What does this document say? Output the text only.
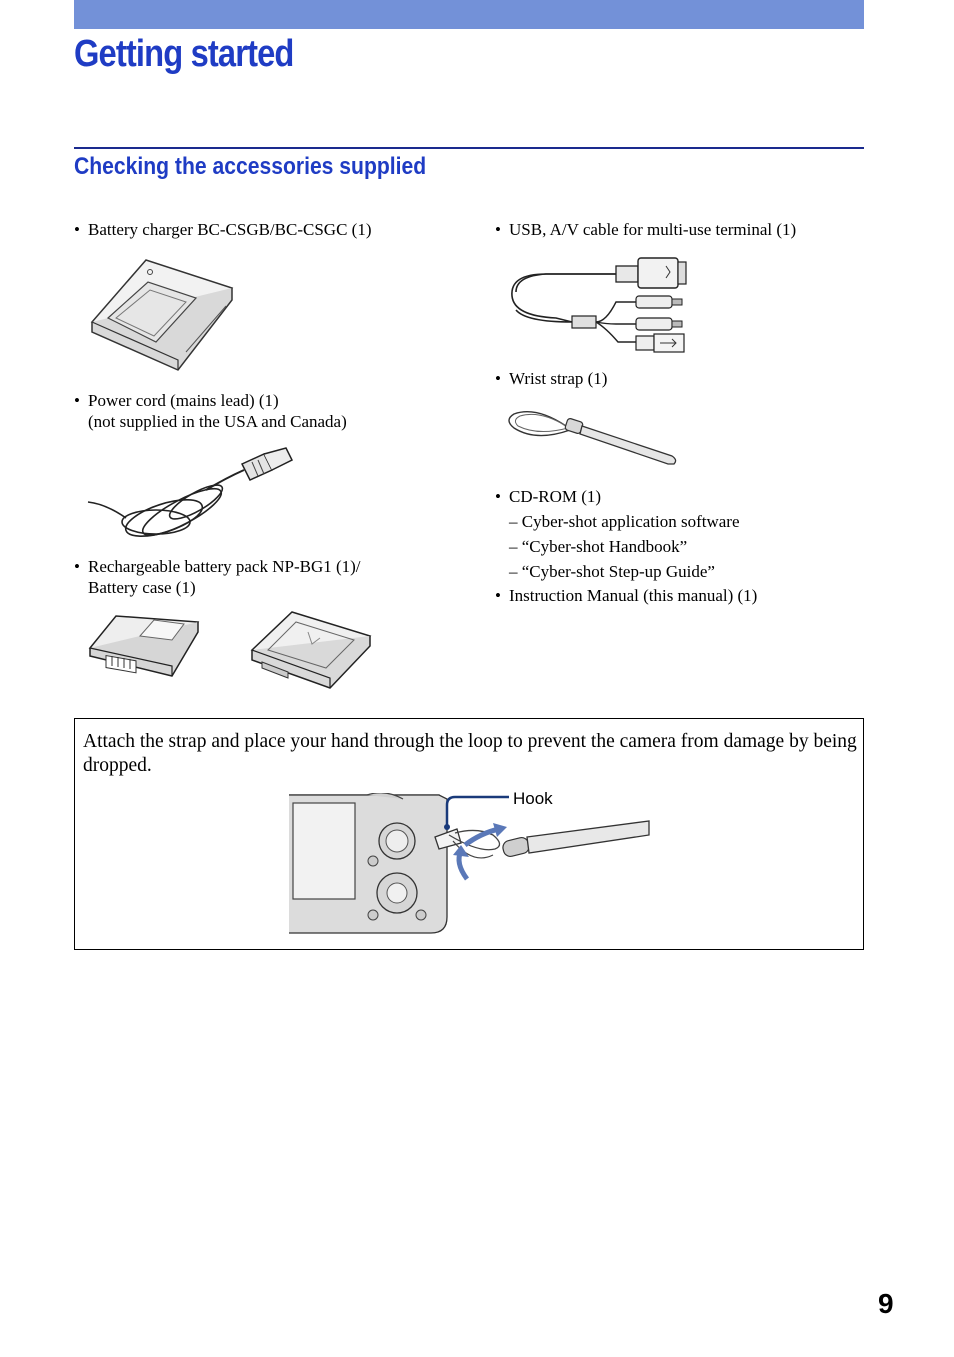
Getting started
Checking the accessories supplied
• Battery charger BC-CSGB/BC-CSGC (1)
• Power cord (mains lead) (1)
(not supplied in the USA and Canada)
• Rechargeable battery pack NP-BG1 (1)/
Battery case (1)
• USB, A/V cable for multi-use terminal (1)
• Wrist strap (1)
• CD-ROM (1)
– Cyber-shot application software
– “Cyber-shot Handbook”
– “Cyber-shot Step-up Guide”
• Instruction Manual (this manual) (1)

Attach the strap and place your hand through the loop to prevent the camera from damage by being dropped.

Hook
9
